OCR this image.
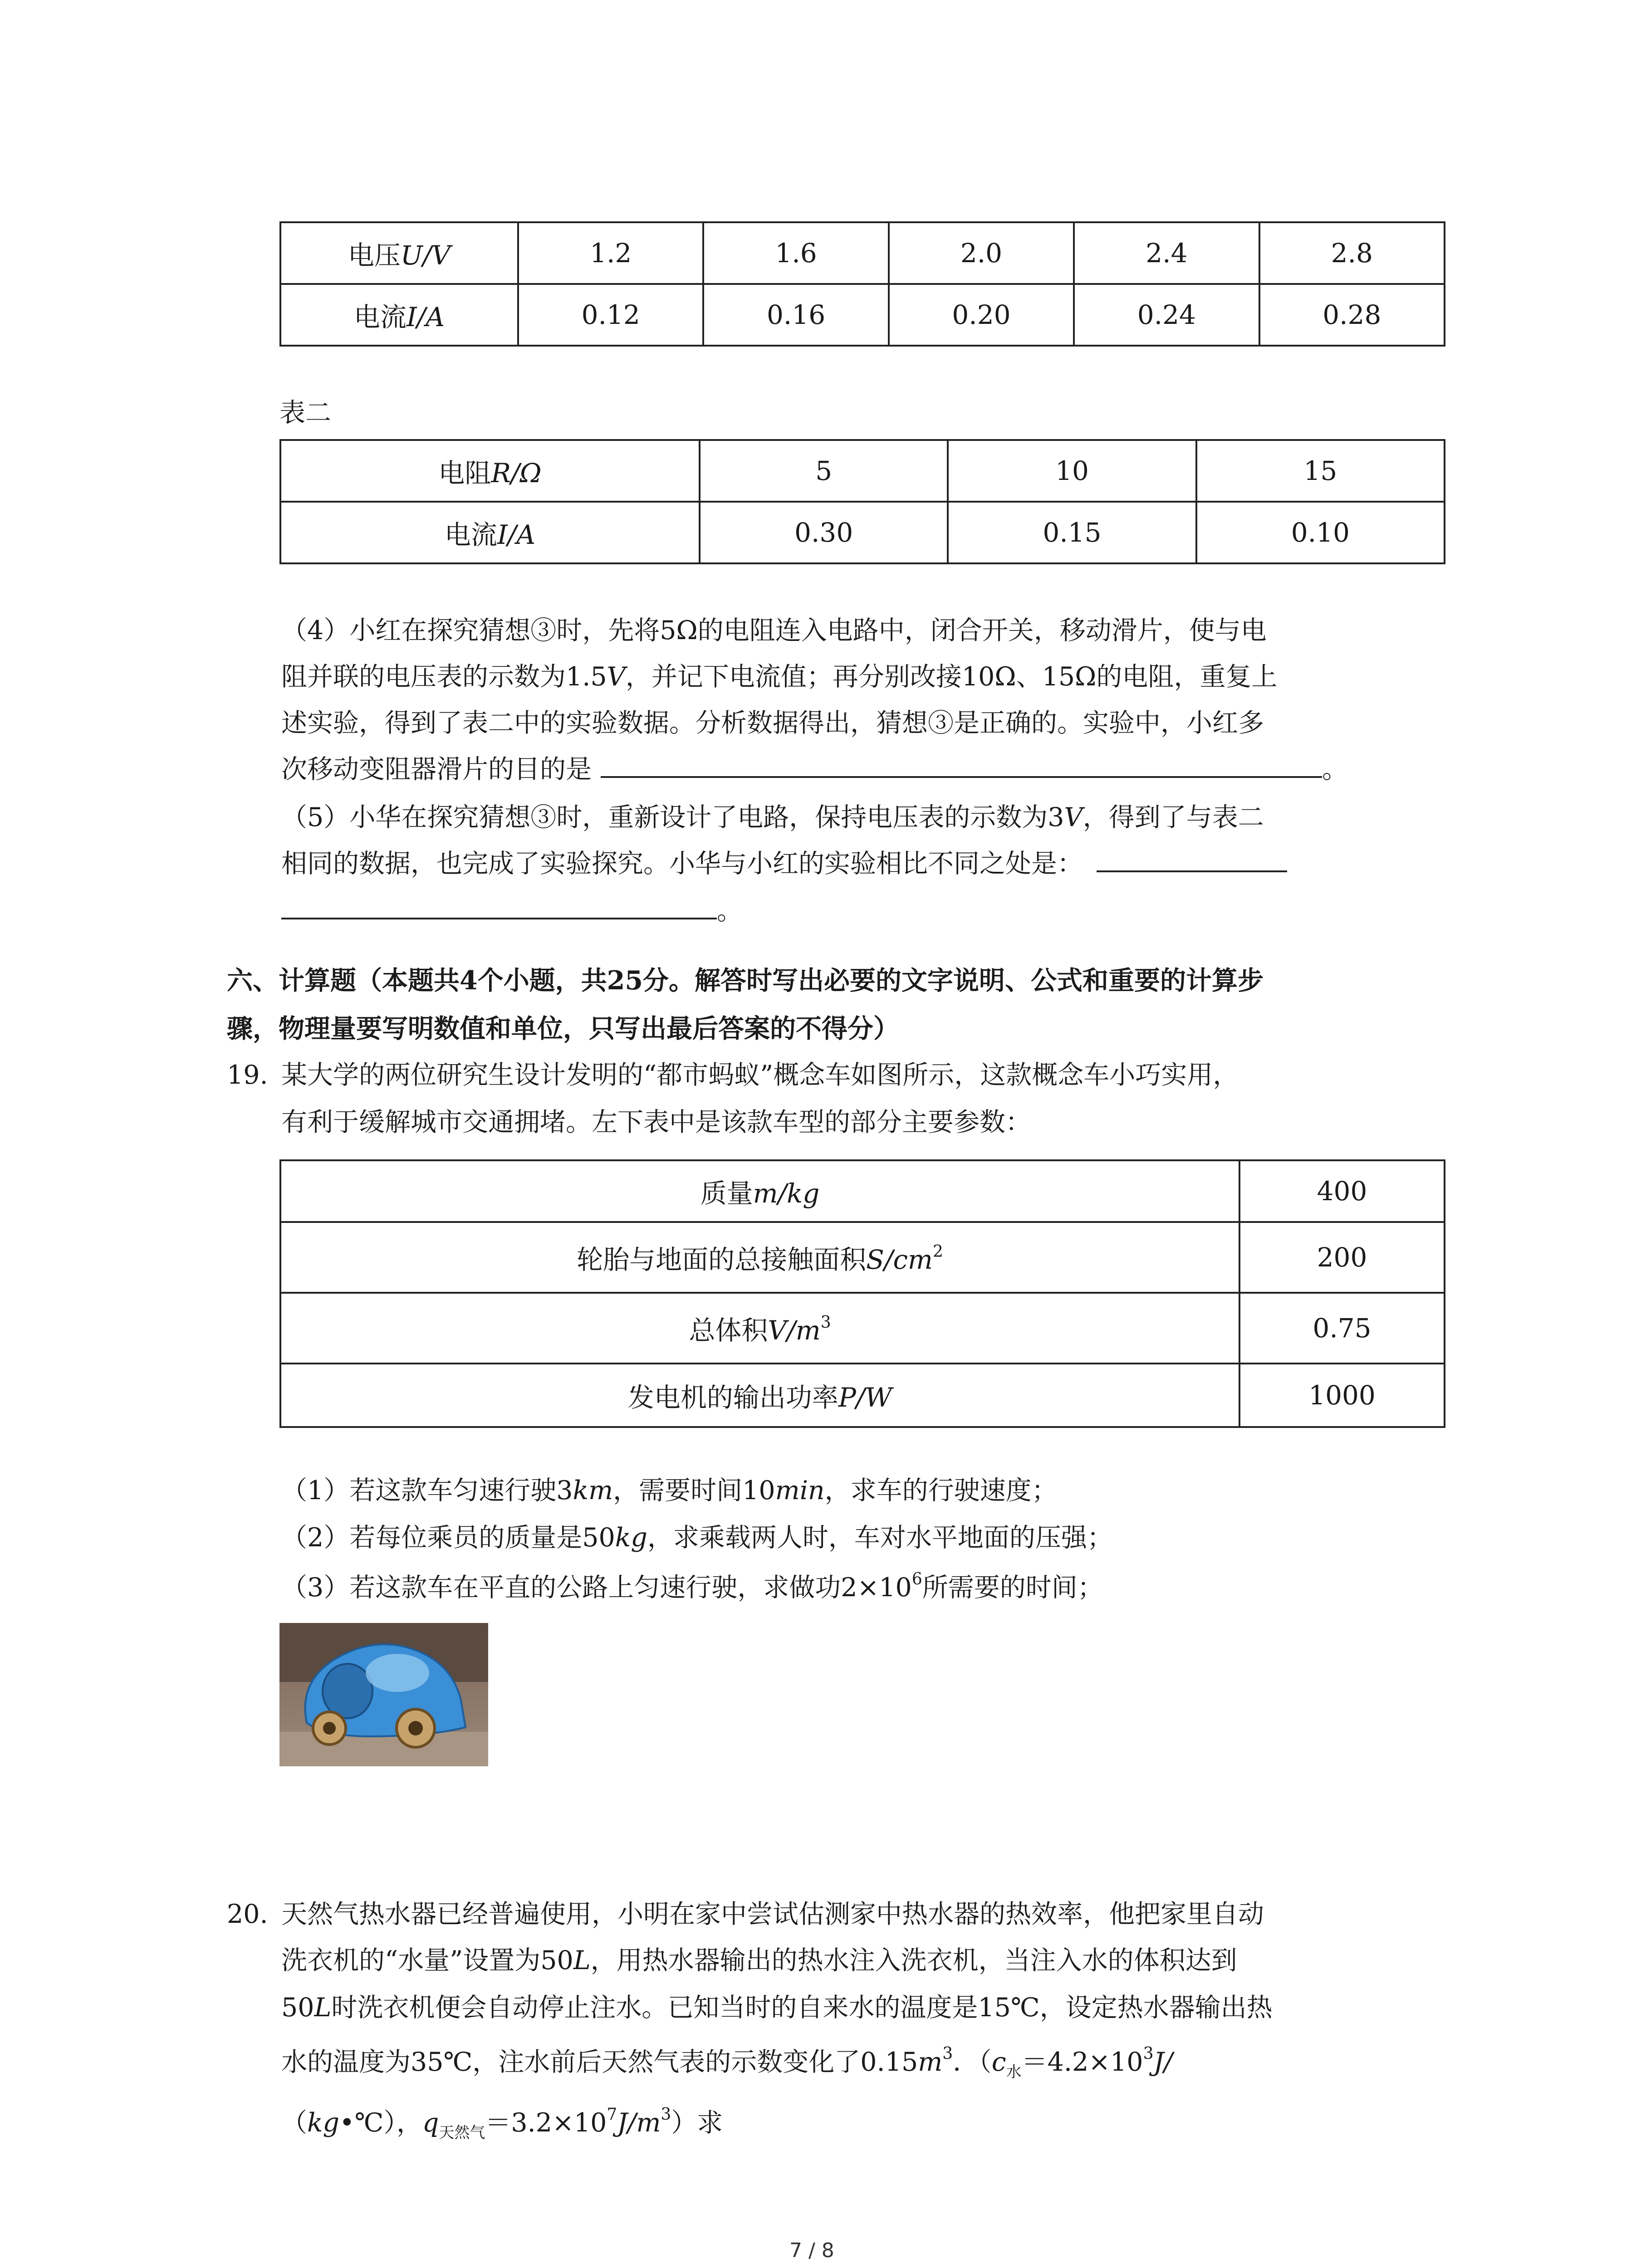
电压U/V	1.2	1.6	2.0	2.4	2.8
电流I/A	0.12	0.16	0.20	0.24	0.28
表二
电阻R/Ω	5	10	15
电流I/A	0.30	0.15	0.10
（4）小红在探究猜想③时，先将5Ω的电阻连入电路中，闭合开关，移动滑片，使与电
阻并联的电压表的示数为1.5V，并记下电流值；再分别改接10Ω、15Ω的电阻，重复上
述实验，得到了表二中的实验数据。分析数据得出，猜想③是正确的。实验中，小红多
次移动变阻器滑片的目的是	。
（5）小华在探究猜想③时，重新设计了电路，保持电压表的示数为3V，得到了与表二
相同的数据，也完成了实验探究。小华与小红的实验相比不同之处是：
。
六、计算题（本题共4个小题，共25分。解答时写出必要的文字说明、公式和重要的计算步
骤，物理量要写明数值和单位，只写出最后答案的不得分）
19. 某大学的两位研究生设计发明的“都市蚂蚁”概念车如图所示，这款概念车小巧实用，
有利于缓解城市交通拥堵。左下表中是该款车型的部分主要参数：
质量m/kg	400
轮胎与地面的总接触面积$S/cm^2$	200
总体积$V/m^3$	0.75
发电机的输出功率P/W	1000
（1）若这款车匀速行驶3km，需要时间10min，求车的行驶速度；
（2）若每位乘员的质量是50kg，求乘载两人时，车对水平地面的压强；
（3）若这款车在平直的公路上匀速行驶，求做功$2\times 10^6$所需要的时间；
20. 天然气热水器已经普遍使用，小明在家中尝试估测家中热水器的热效率，他把家里自动
洗衣机的“水量”设置为50L，用热水器输出的热水注入洗衣机，当注入水的体积达到
50L时洗衣机便会自动停止注水。已知当时的自来水的温度是15℃，设定热水器输出热
水的温度为35℃，注水前后天然气表的示数变化了$0.15m^3$．（$c_水=4.2\times 10^3J/$
（kg•℃），$q_{天然气}=3.2\times 10^7J/m^3$）求
7 / 8
